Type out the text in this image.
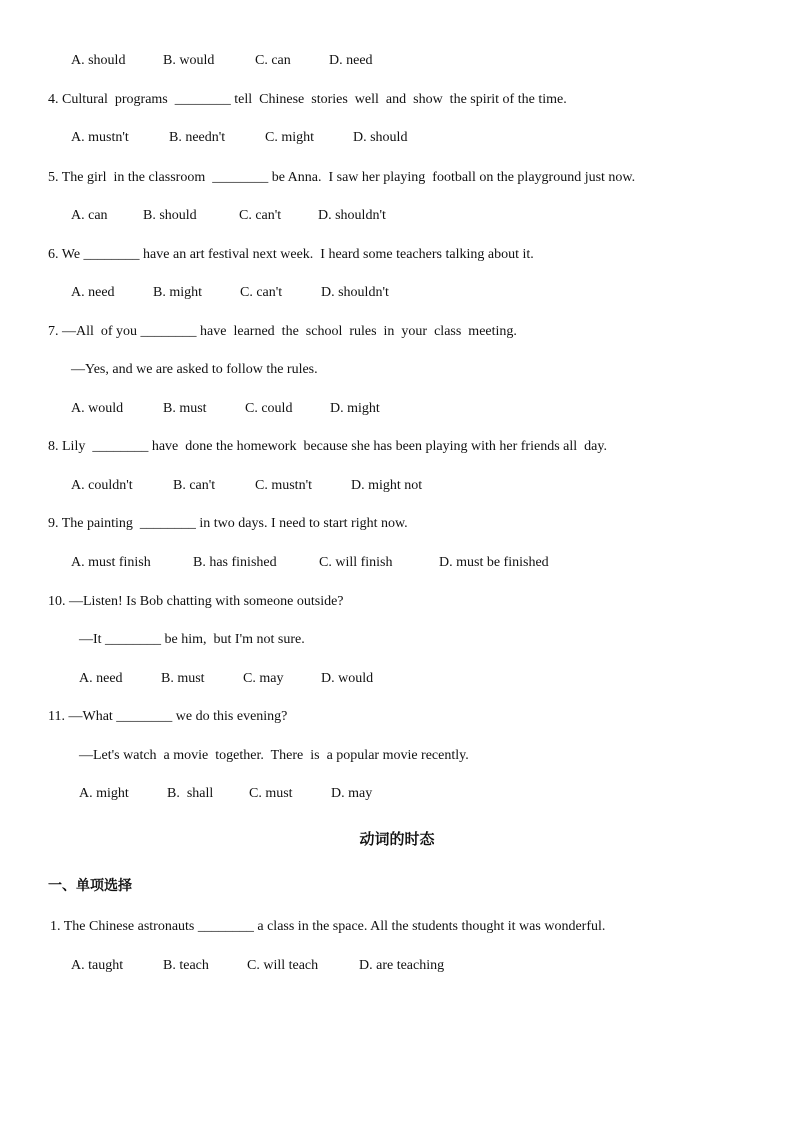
A. should	B. would	C. can	D. need
4. Cultural  programs  ________ tell  Chinese  stories  well  and  show  the spirit of the time.
A. mustn't	B. needn't	C. might	D. should
5. The girl  in the classroom  ________ be Anna.  I saw her playing  football on the playground just now.
A. can	B. should	C. can't	D. shouldn't
6. We ________ have an art festival next week.  I heard some teachers talking about it.
A. need	B. might	C. can't	D. shouldn't
7. —All  of you ________ have  learned  the  school  rules  in  your  class  meeting.
—Yes, and we are asked to follow the rules.
A. would	B. must	C. could	D. might
8. Lily  ________ have  done the homework  because she has been playing with her friends all  day.
A. couldn't	B. can't	C. mustn't	D. might not
9. The painting  ________ in two days. I need to start right now.
A. must finish	B. has finished	C. will finish	D. must be finished
10. —Listen! Is Bob chatting with someone outside?
—It ________ be him,  but I'm not sure.
A. need	B. must	C. may	D. would
11. —What ________ we do this evening?
—Let's watch  a movie  together.  There  is  a popular movie recently.
A. might	B.  shall	C. must	D. may
动词的时态
一、单项选择
1. The Chinese astronauts ________ a class in the space. All the students thought it was wonderful.
A. taught	B. teach	C. will teach	D. are teaching
